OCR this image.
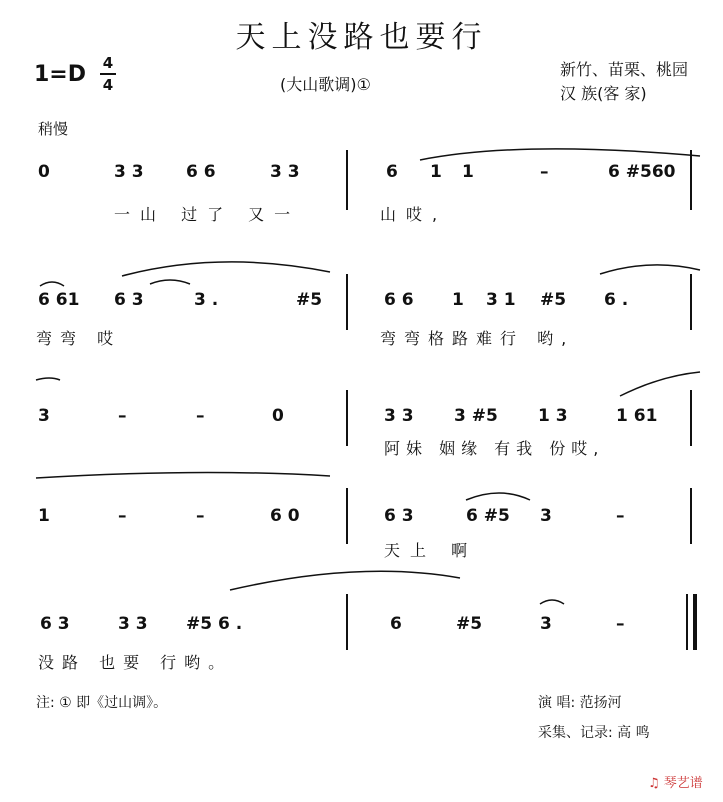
天上没路也要行
1=D 4
4	(大山歌调)①
新竹、苗栗、桃园
汉 族(客 家)
稍慢
0	3 3 6 6	3 3	6 1 1	–	6 #560
一山 过了 又一	山哎,
6 61 6 3	3 .	#5	6 6 1 3 1 #5 6 .
弯弯 哎	弯弯格路难行 哟,
3	–	–	0	3 3 3 #5 1 3	1 61
阿妹 姻缘 有我 份哎,
1	–	–	6 0	6 3	6 #5 3	–
天上 啊
6 3	3 3 #5 6 .	6	#5	3	–
没路 也要 行哟。
注: ① 即《过山调》。	演 唱: 范扬河
采集、记录: 高 鸣
♫ 琴艺谱
